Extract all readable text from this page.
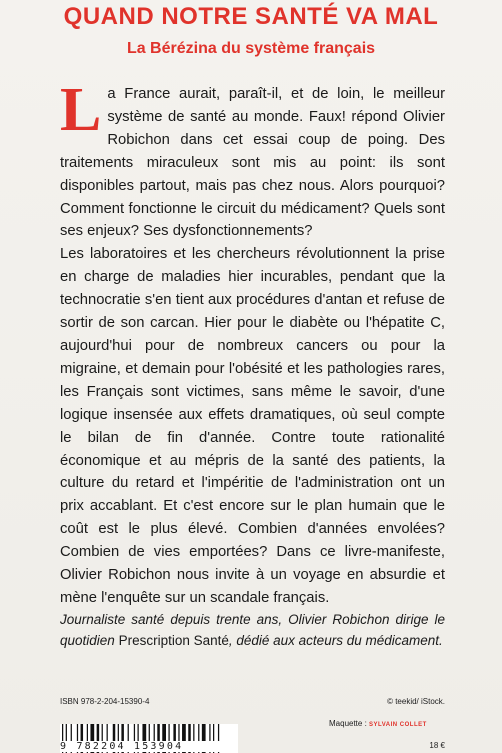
QUAND NOTRE SANTÉ VA MAL
La Bérézina du système français

La France aurait, paraît-il, et de loin, le meilleur système de santé au monde. Faux! répond Olivier Robichon dans cet essai coup de poing. Des traitements miraculeux sont mis au point: ils sont disponibles partout, mais pas chez nous. Alors pourquoi? Comment fonctionne le circuit du médicament? Quels sont ses enjeux? Ses dysfonctionnements?

Les laboratoires et les chercheurs révolutionnent la prise en charge de maladies hier incurables, pendant que la technocratie s'en tient aux procédures d'antan et refuse de sortir de son carcan. Hier pour le diabète ou l'hépatite C, aujourd'hui pour de nombreux cancers ou pour la migraine, et demain pour l'obésité et les pathologies rares, les Français sont victimes, sans même le savoir, d'une logique insensée aux effets dramatiques, où seul compte le bilan de fin d'année. Contre toute rationalité économique et au mépris de la santé des patients, la culture du retard et l'impéritie de l'administration ont un prix accablant. Et c'est encore sur le plan humain que le coût est le plus élevé. Combien d'années envolées? Combien de vies emportées? Dans ce livre-manifeste, Olivier Robichon nous invite à un voyage en absurdie et mène l'enquête sur un scandale français.

Journaliste santé depuis trente ans, Olivier Robichon dirige le quotidien Prescription Santé, dédié aux acteurs du médicament.
ISBN 978-2-204-15390-4	© teekid/ iStock.
Maquette : SYLVAIN COLLET
9 782204 153904	18 €
